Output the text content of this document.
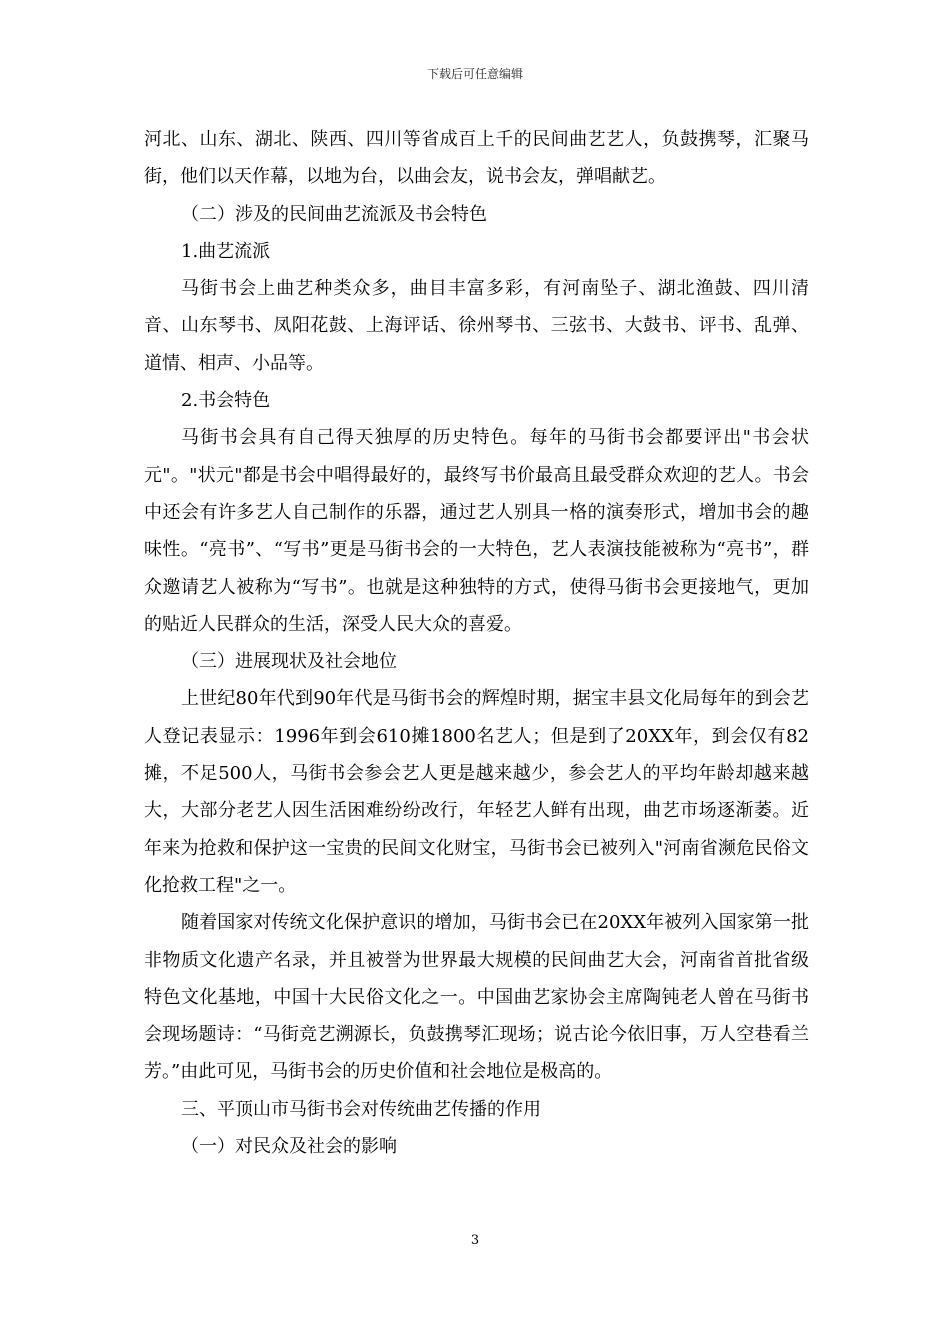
下载后可任意编辑

河北、山东、湖北、陕西、四川等省成百上千的民间曲艺艺人，负鼓携琴，汇聚马街，他们以天作幕，以地为台，以曲会友，说书会友，弹唱献艺。

（二）涉及的民间曲艺流派及书会特色

1.曲艺流派

马街书会上曲艺种类众多，曲目丰富多彩，有河南坠子、湖北渔鼓、四川清音、山东琴书、凤阳花鼓、上海评话、徐州琴书、三弦书、大鼓书、评书、乱弹、道情、相声、小品等。

2.书会特色

马街书会具有自己得天独厚的历史特色。每年的马街书会都要评出"书会状元"。"状元"都是书会中唱得最好的，最终写书价最高且最受群众欢迎的艺人。书会中还会有许多艺人自己制作的乐器，通过艺人别具一格的演奏形式，增加书会的趣味性。“亮书”、“写书”更是马街书会的一大特色，艺人表演技能被称为“亮书”，群众邀请艺人被称为“写书”。也就是这种独特的方式，使得马街书会更接地气，更加的贴近人民群众的生活，深受人民大众的喜爱。

（三）进展现状及社会地位

上世纪80年代到90年代是马街书会的辉煌时期，据宝丰县文化局每年的到会艺人登记表显示：1996年到会610摊1800名艺人；但是到了20XX年，到会仅有82摊，不足500人，马街书会参会艺人更是越来越少，参会艺人的平均年龄却越来越大，大部分老艺人因生活困难纷纷改行，年轻艺人鲜有出现，曲艺市场逐渐萎。近年来为抢救和保护这一宝贵的民间文化财宝，马街书会已被列入"河南省濒危民俗文化抢救工程"之一。

随着国家对传统文化保护意识的增加，马街书会已在20XX年被列入国家第一批非物质文化遗产名录，并且被誉为世界最大规模的民间曲艺大会，河南省首批省级特色文化基地，中国十大民俗文化之一。中国曲艺家协会主席陶钝老人曾在马街书会现场题诗：“马街竞艺溯源长，负鼓携琴汇现场；说古论今依旧事，万人空巷看兰芳。”由此可见，马街书会的历史价值和社会地位是极高的。

三、平顶山市马街书会对传统曲艺传播的作用

（一）对民众及社会的影响

3
